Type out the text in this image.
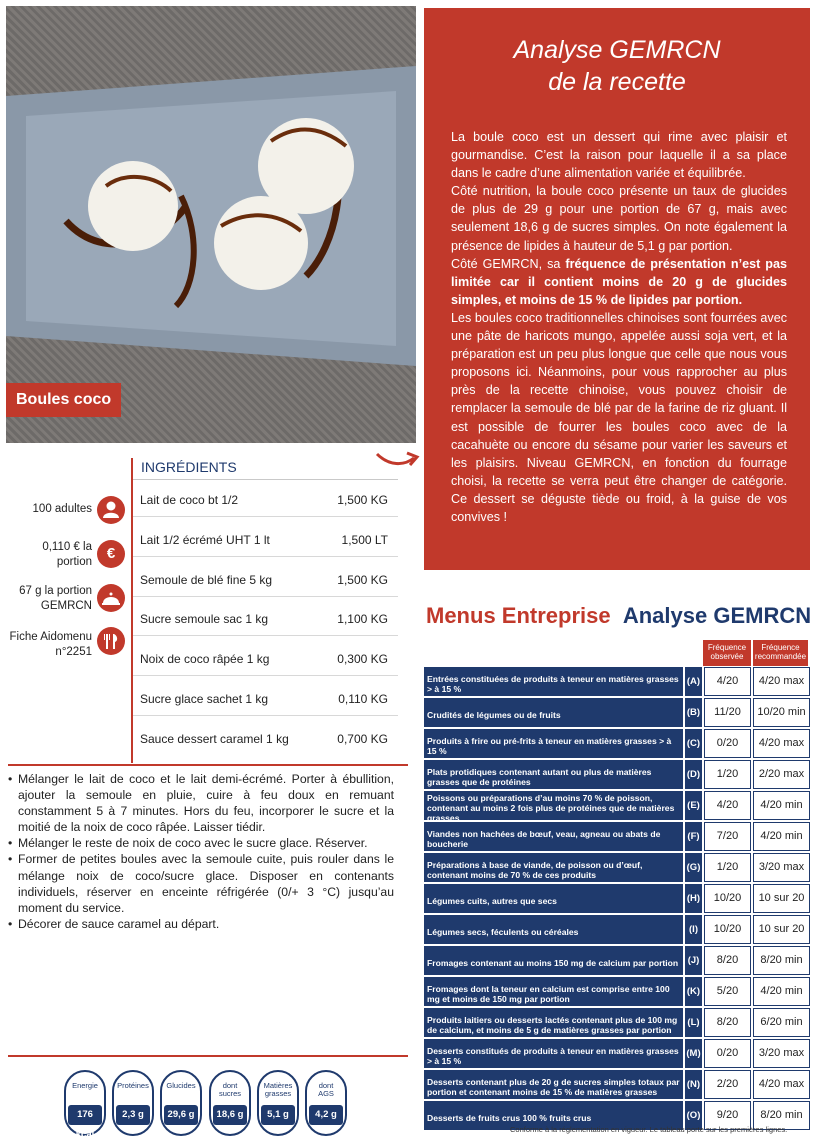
Boules coco
Analyse GEMRCN
de la recette

La boule coco est un dessert qui rime avec plaisir et gourmandise. C’est la raison pour laquelle il a sa place dans le cadre d’une alimentation variée et équilibrée.

Côté nutrition, la boule coco présente un taux de glucides de plus de 29 g pour une portion de 67 g, mais avec seulement 18,6 g de sucres simples. On note également la présence de lipides à hauteur de 5,1 g par portion.

Côté GEMRCN, sa fréquence de présentation n’est pas limitée car il contient moins de 20 g de glucides simples, et moins de 15 % de lipides par portion.

Les boules coco traditionnelles chinoises sont fourrées avec une pâte de haricots mungo, appelée aussi soja vert, et la préparation est un peu plus longue que celle que nous vous proposons ici. Néanmoins, pour vous rapprocher au plus près de la recette chinoise, vous pouvez choisir de remplacer la semoule de blé par de la farine de riz gluant. Il est possible de fourrer les boules coco avec de la cacahuète ou encore du sésame pour varier les saveurs et les plaisirs. Niveau GEMRCN, en fonction du fourrage choisi, la recette se verra peut être changer de catégorie. Ce dessert se déguste tiède ou froid, à la guise de vos convives !

100 adultes
0,110 € la
portion €
67 g la portion
GEMRCN
Fiche Aidomenu
n°2251
INGRÉDIENTS
Lait de coco bt 1/2	1,500 KG
Lait 1/2 écrémé UHT 1 lt	1,500 LT
Semoule de blé fine 5 kg	1,500 KG
Sucre semoule sac 1 kg	1,100 KG
Noix de coco râpée 1 kg	0,300 KG
Sucre glace sachet 1 kg	0,110 KG
Sauce dessert caramel 1 kg	0,700 KG
• Mélanger le lait de coco et le lait demi-écrémé. Porter à ébullition, ajouter la semoule en pluie, cuire à feu doux en remuant constamment 5 à 7 minutes. Hors du feu, incorporer le sucre et la moitié de la noix de coco râpée. Laisser tiédir.
• Mélanger le reste de noix de coco avec le sucre glace. Réserver.
• Former de petites boules avec la semoule cuite, puis rouler dans le mélange noix de coco/sucre glace. Disposer en contenants individuels, réserver en enceinte réfrigérée (0/+ 3 °C) jusqu’au moment du service.
• Décorer de sauce caramel au départ.
Energie
176 kcal
Protéines
2,3 g
Glucides
29,6 g
dont
sucres
18,6 g
Matières
grasses
5,1 g
dont
AGS
4,2 g
Menus Entreprise Analyse GEMRCN
Fréquence observée
Fréquence recommandée
Entrées constituées de produits à teneur en matières grasses > à 15 %
(A)	4/20	4/20 max
Crudités de légumes ou de fruits	(B)	11/20	10/20 min
Produits à frire ou pré-frits à teneur en matières grasses > à 15 %
(C)	0/20	4/20 max
Plats protidiques contenant autant ou plus de matières grasses que de protéines
(D)	1/20	2/20 max
Poissons ou préparations d’au moins 70 % de poisson, contenant au moins 2 fois plus de protéines que de matières grasses
(E)	4/20	4/20 min
Viandes non hachées de bœuf, veau, agneau ou abats de boucherie
(F)	7/20	4/20 min
Préparations à base de viande, de poisson ou d’œuf, contenant moins de 70 % de ces produits
(G)	1/20	3/20 max
Légumes cuits, autres que secs	(H)	10/20	10 sur 20
Légumes secs, féculents ou céréales	(I)	10/20	10 sur 20
Fromages contenant au moins 150 mg de calcium par portion	(J)	8/20	8/20 min
Fromages dont la teneur en calcium est comprise entre 100 mg et moins de 150 mg par portion
(K)	5/20	4/20 min
Produits laitiers ou desserts lactés contenant plus de 100 mg de calcium, et moins de 5 g de matières grasses par portion
(L)	8/20	6/20 min
Desserts constitués de produits à teneur en matières grasses > à 15 %
(M)	0/20	3/20 max
Desserts contenant plus de 20 g de sucres simples totaux par portion et contenant moins de 15 % de matières grasses
(N)	2/20	4/20 max
Desserts de fruits crus 100 % fruits crus	(O)	9/20	8/20 min
Conforme à la réglementation en vigueur. Le tableau porte sur les premières lignes.
